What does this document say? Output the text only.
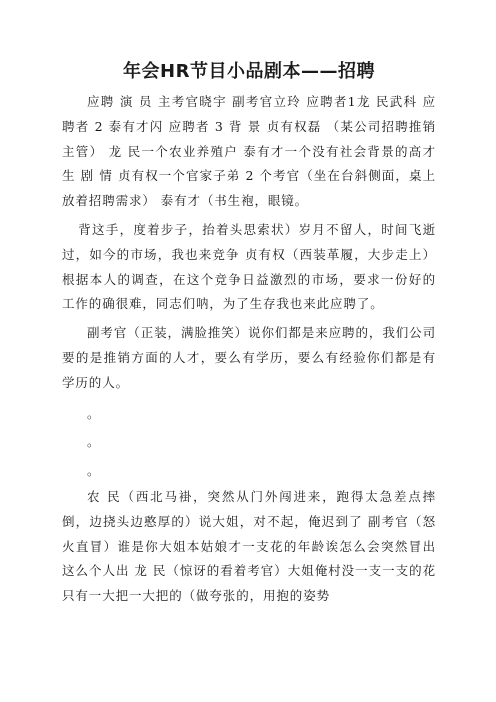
年会HR节目小品剧本——招聘

应聘 演 员 主考官晓宇 副考官立玲 应聘者1龙 民武科 应聘者 2 泰有才闪 应聘者 3 背 景 贞有权磊 （某公司招聘推销主管） 龙 民一个农业养殖户 泰有才一个没有社会背景的高才生 剧 情 贞有权一个官家子弟 2 个考官（坐在台斜侧面，桌上放着招聘需求） 泰有才（书生袍，眼镜。

背这手，度着步子，抬着头思索状）岁月不留人，时间飞逝过，如今的市场，我也来竞争 贞有权（西装革履，大步走上）根据本人的调查，在这个竞争日益激烈的市场，要求一份好的工作的确很难，同志们呐，为了生存我也来此应聘了。

副考官（正装，满脸推笑）说你们都是来应聘的，我们公司要的是推销方面的人才，要么有学历，要么有经验你们都是有学历的人。

。

。

。

农 民（西北马褂，突然从门外闯进来，跑得太急差点摔倒，边挠头边憨厚的）说大姐，对不起，俺迟到了 副考官（怒火直冒）谁是你大姐本姑娘才一支花的年龄诶怎么会突然冒出这么个人出 龙 民（惊讶的看着考官）大姐俺村没一支一支的花只有一大把一大把的（做夸张的，用抱的姿势
